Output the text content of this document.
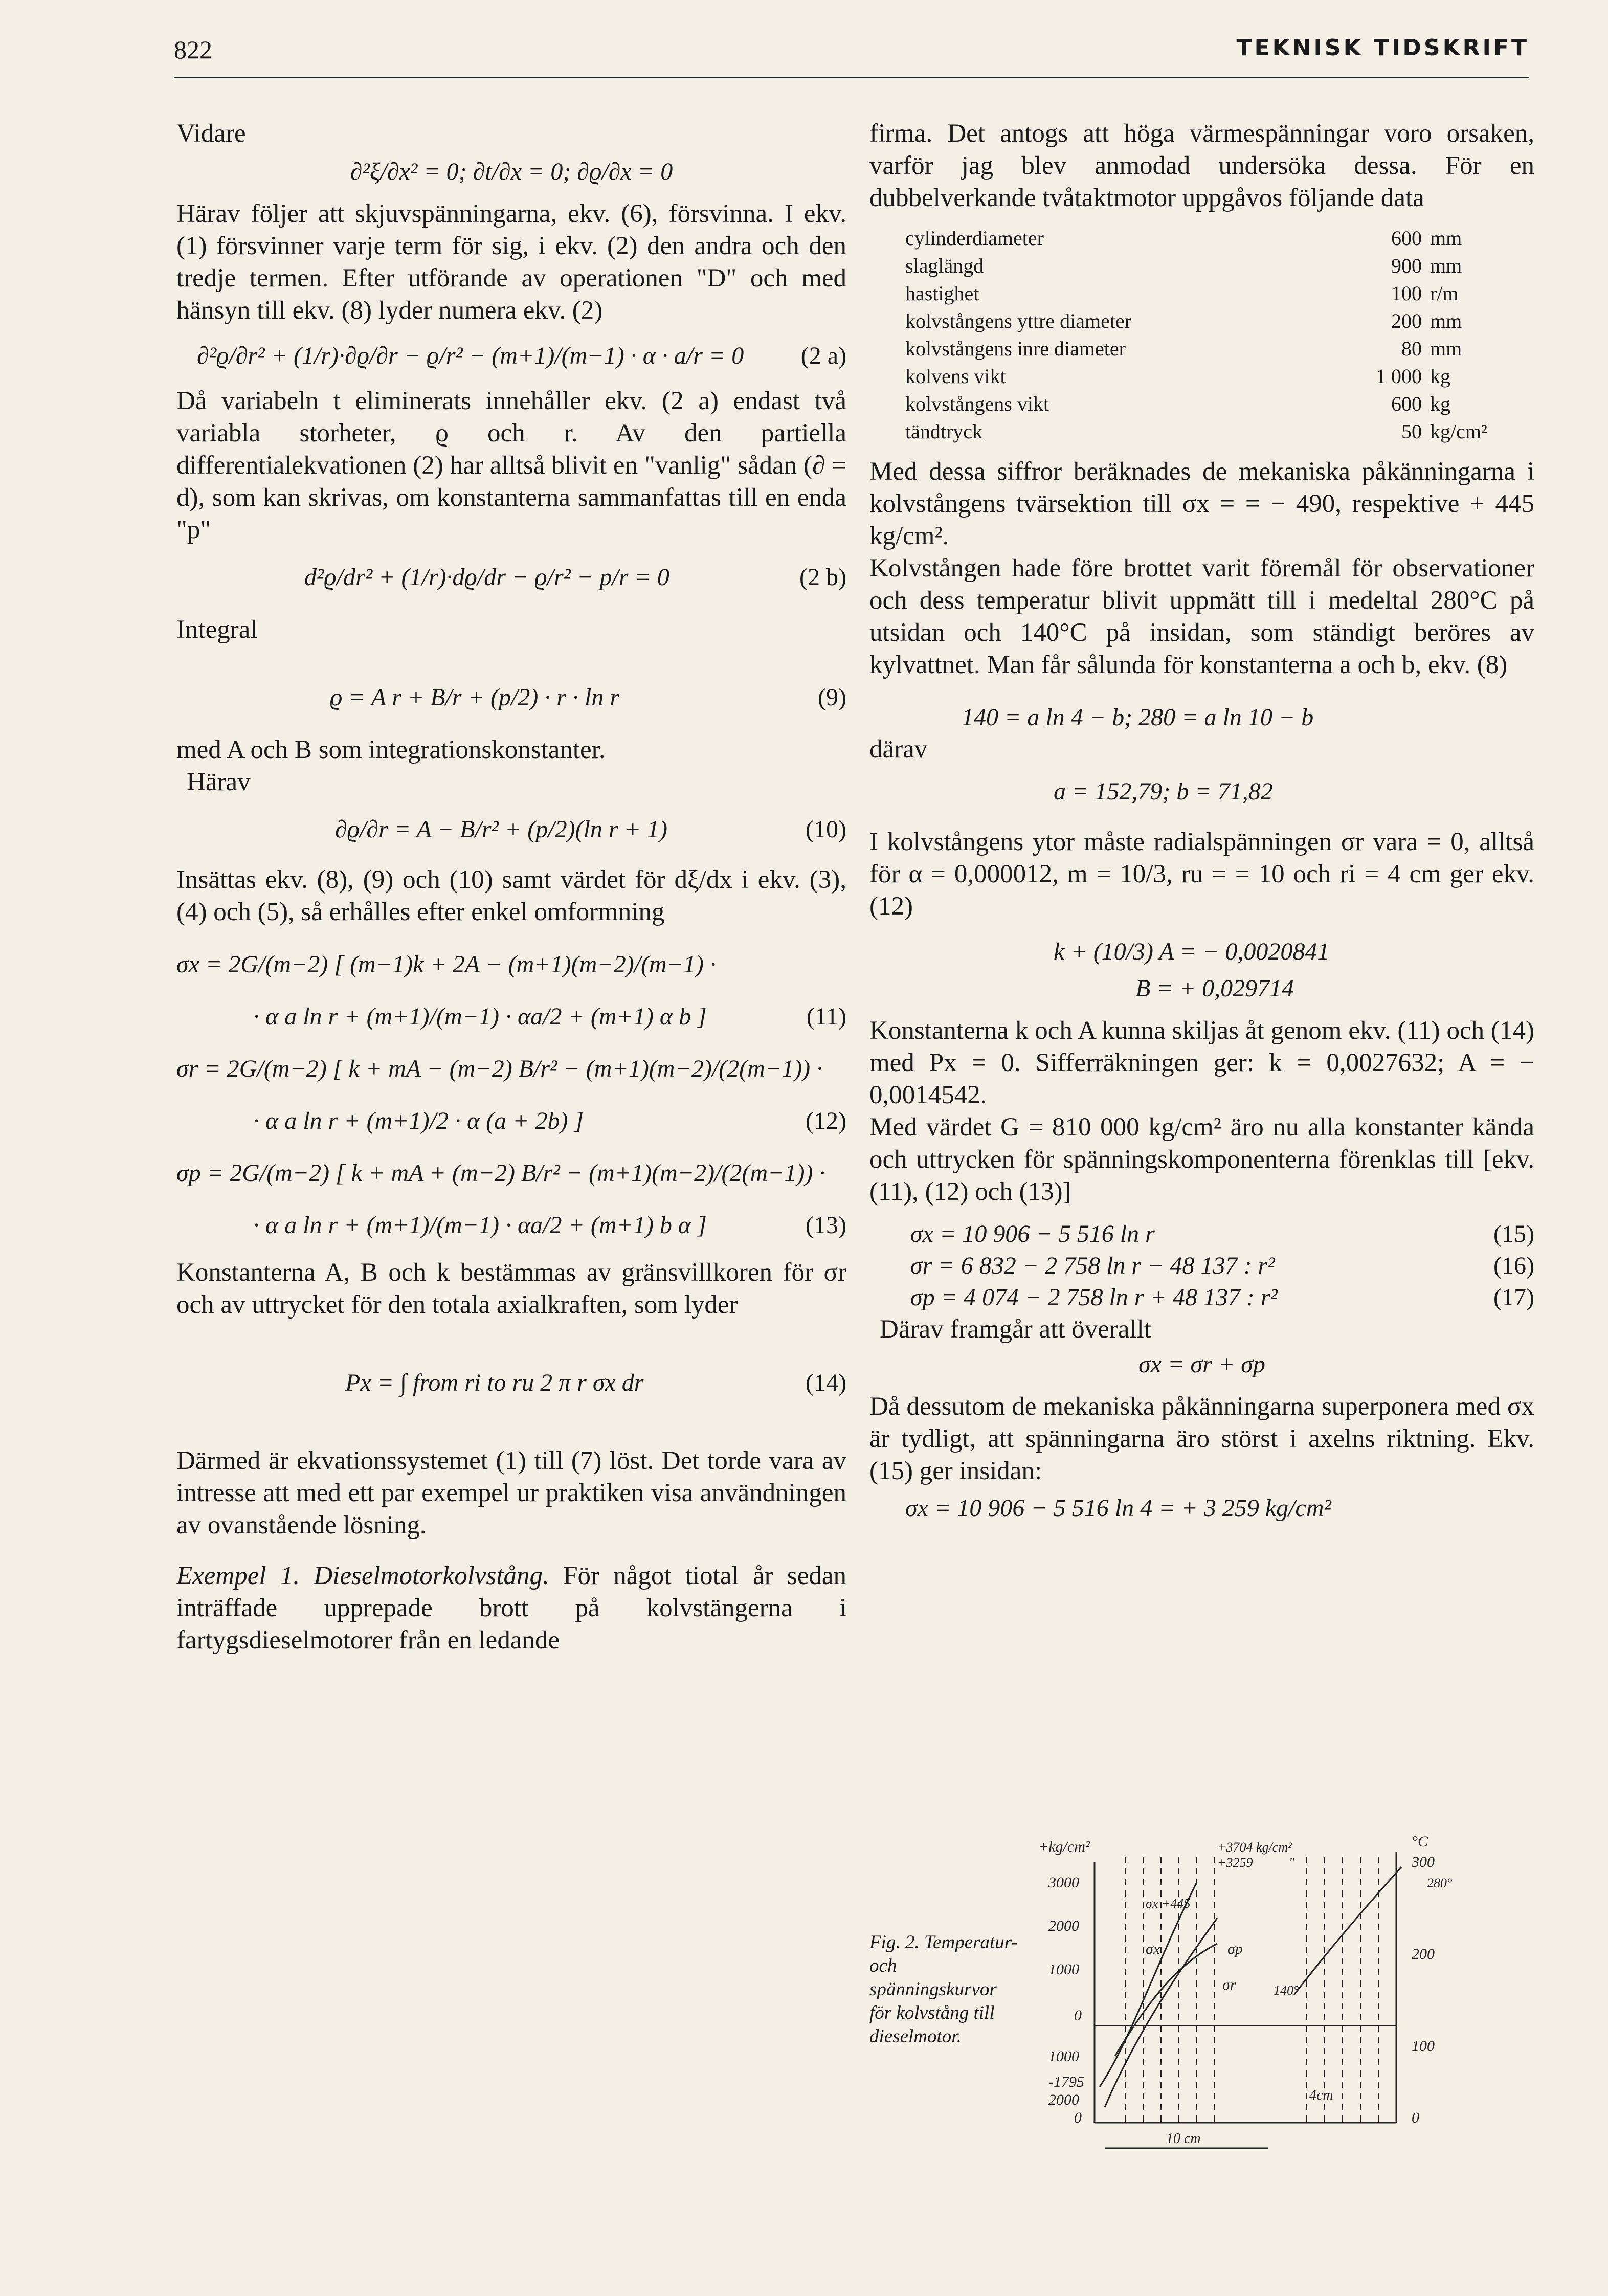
822	TEKNISK TIDSKRIFT

Vidare

∂²ξ/∂x² = 0; ∂t/∂x = 0; ∂ϱ/∂x = 0

Härav följer att skjuvspänningarna, ekv. (6), försvinna. I ekv. (1) försvinner varje term för sig, i ekv. (2) den andra och den tredje termen. Efter utförande av operationen "D" och med hänsyn till ekv. (8) lyder numera ekv. (2)

∂²ϱ/∂r² + (1/r)·∂ϱ/∂r − ϱ/r² − (m+1)/(m−1) · α · a/r = 0 (2 a)

Då variabeln t eliminerats innehåller ekv. (2 a) endast två variabla storheter, ϱ och r. Av den partiella differentialekvationen (2) har alltså blivit en "vanlig" sådan (∂ = d), som kan skrivas, om konstanterna sammanfattas till en enda "p"

d²ϱ/dr² + (1/r)·dϱ/dr − ϱ/r² − p/r = 0	(2 b)

Integral

ϱ = A r + B/r + (p/2) · r · ln r	(9)

med A och B som integrationskonstanter.

Härav

∂ϱ/∂r = A − B/r² + (p/2)(ln r + 1)	(10)

Insättas ekv. (8), (9) och (10) samt värdet för dξ/dx i ekv. (3), (4) och (5), så erhålles efter enkel omformning

σx = 2G/(m−2) [ (m−1)k + 2A − (m+1)(m−2)/(m−1) ·
· α a ln r + (m+1)/(m−1) · αa/2 + (m+1) α b ]	(11)
σr = 2G/(m−2) [ k + mA − (m−2) B/r² − (m+1)(m−2)/(2(m−1)) ·
· α a ln r + (m+1)/2 · α (a + 2b) ]	(12)
σp = 2G/(m−2) [ k + mA + (m−2) B/r² − (m+1)(m−2)/(2(m−1)) ·
· α a ln r + (m+1)/(m−1) · αa/2 + (m+1) b α ]	(13)

Konstanterna A, B och k bestämmas av gränsvillkoren för σr och av uttrycket för den totala axialkraften, som lyder

Px = ∫ from ri to ru 2 π r σx dr	(14)

Därmed är ekvationssystemet (1) till (7) löst. Det torde vara av intresse att med ett par exempel ur praktiken visa användningen av ovanstående lösning.

Exempel 1. Dieselmotorkolvstång. För något tiotal år sedan inträffade upprepade brott på kolvstängerna i fartygsdieselmotorer från en ledande

firma. Det antogs att höga värmespänningar voro orsaken, varför jag blev anmodad undersöka dessa. För en dubbelverkande tvåtaktmotor uppgåvos följande data

cylinderdiameter	600	mm
slaglängd	900	mm
hastighet	100	r/m
kolvstångens yttre diameter	200	mm
kolvstångens inre diameter	80	mm
kolvens vikt	1 000	kg
kolvstångens vikt	600	kg
tändtryck	50	kg/cm²

Med dessa siffror beräknades de mekaniska påkänningarna i kolvstångens tvärsektion till σx = = − 490, respektive + 445 kg/cm².

Kolvstången hade före brottet varit föremål för observationer och dess temperatur blivit uppmätt till i medeltal 280°C på utsidan och 140°C på insidan, som ständigt beröres av kylvattnet. Man får sålunda för konstanterna a och b, ekv. (8)

140 = a ln 4 − b; 280 = a ln 10 − b

därav

a = 152,79; b = 71,82

I kolvstångens ytor måste radialspänningen σr vara = 0, alltså för α = 0,000012, m = 10/3, ru = = 10 och ri = 4 cm ger ekv. (12)

k + (10/3) A = − 0,0020841
B = + 0,029714

Konstanterna k och A kunna skiljas åt genom ekv. (11) och (14) med Px = 0. Sifferräkningen ger: k = 0,0027632; A = − 0,0014542.

Med värdet G = 810 000 kg/cm² äro nu alla konstanter kända och uttrycken för spänningskomponenterna förenklas till [ekv. (11), (12) och (13)]

σx = 10 906 − 5 516 ln r	(15)
σr = 6 832 − 2 758 ln r − 48 137 : r²	(16)
σp = 4 074 − 2 758 ln r + 48 137 : r²	(17)

Därav framgår att överallt

σx = σr + σp

Då dessutom de mekaniska påkänningarna superponera med σx är tydligt, att spänningarna äro störst i axelns riktning. Ekv. (15) ger insidan:

σx = 10 906 − 5 516 ln 4 = + 3 259 kg/cm²
Fig. 2. Temperatur- och spänningskurvor för kolvstång till dieselmotor.
+kg/cm²	°C
3000
2000
1000
0
1000
-1795
2000
0
300
200
100
0
+3704 kg/cm²
+3259	"
σx +445
σx	σp
σr
280°
140°
4cm
10 cm
